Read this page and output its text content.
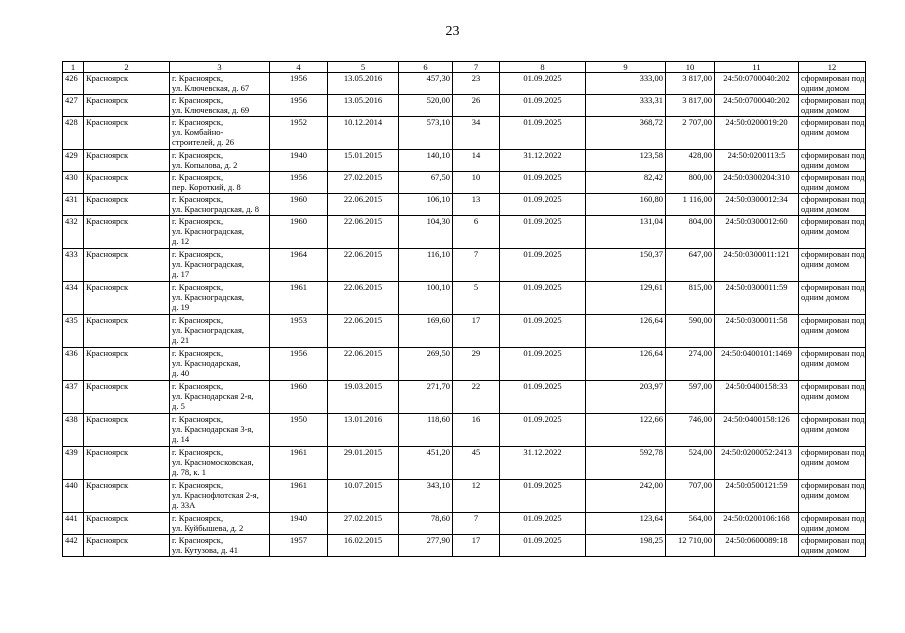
23
1	2	3	4	5	6	7	8	9	10	11	12
426	Красноярск	г. Красноярск,
ул. Ключевская, д. 67	1956	13.05.2016	457,30	23	01.09.2025	333,00	3 817,00	24:50:0700040:202	сформирован под
одним домом

427	Красноярск	г. Красноярск,
ул. Ключевская, д. 69	1956	13.05.2016	520,00	26	01.09.2025	333,31	3 817,00	24:50:0700040:202	сформирован под
одним домом

428	Красноярск	г. Красноярск,
ул. Комбайно-
строителей, д. 26	1952	10.12.2014	573,10	34	01.09.2025	368,72	2 707,00	24:50:0200019:20	сформирован под
одним домом

429	Красноярск	г. Красноярск,
ул. Копылова, д. 2	1940	15.01.2015	140,10	14	31.12.2022	123,58	428,00	24:50:0200113:5	сформирован под
одним домом

430	Красноярск	г. Красноярск,
пер. Короткий, д. 8	1956	27.02.2015	67,50	10	01.09.2025	82,42	800,00	24:50:0300204:310	сформирован под
одним домом

431	Красноярск	г. Красноярск,
ул. Красноградская, д. 8	1960	22.06.2015	106,10	13	01.09.2025	160,80	1 116,00	24:50:0300012:34	сформирован под
одним домом

432	Красноярск	г. Красноярск,
ул. Красноградская,
д. 12	1960	22.06.2015	104,30	6	01.09.2025	131,04	804,00	24:50:0300012:60	сформирован под
одним домом

433	Красноярск	г. Красноярск,
ул. Красноградская,
д. 17	1964	22.06.2015	116,10	7	01.09.2025	150,37	647,00	24:50:0300011:121	сформирован под
одним домом

434	Красноярск	г. Красноярск,
ул. Красноградская,
д. 19	1961	22.06.2015	100,10	5	01.09.2025	129,61	815,00	24:50:0300011:59	сформирован под
одним домом

435	Красноярск	г. Красноярск,
ул. Красноградская,
д. 21	1953	22.06.2015	169,60	17	01.09.2025	126,64	590,00	24:50:0300011:58	сформирован под
одним домом

436	Красноярск	г. Красноярск,
ул. Краснодарская,
д. 40	1956	22.06.2015	269,50	29	01.09.2025	126,64	274,00	24:50:0400101:1469	сформирован под
одним домом

437	Красноярск	г. Красноярск,
ул. Краснодарская 2-я,
д. 5	1960	19.03.2015	271,70	22	01.09.2025	203,97	597,00	24:50:0400158:33	сформирован под
одним домом

438	Красноярск	г. Красноярск,
ул. Краснодарская 3-я,
д. 14	1950	13.01.2016	118,60	16	01.09.2025	122,66	746,00	24:50:0400158:126	сформирован под
одним домом

439	Красноярск	г. Красноярск,
ул. Красномосковская,
д. 78, к. 1	1961	29.01.2015	451,20	45	31.12.2022	592,78	524,00	24:50:0200052:2413	сформирован под
одним домом

440	Красноярск	г. Красноярск,
ул. Краснофлотская 2-я,
д. 33А	1961	10.07.2015	343,10	12	01.09.2025	242,00	707,00	24:50:0500121:59	сформирован под
одним домом

441	Красноярск	г. Красноярск,
ул. Куйбышева, д. 2	1940	27.02.2015	78,60	7	01.09.2025	123,64	564,00	24:50:0200106:168	сформирован под
одним домом

442	Красноярск	г. Красноярск,
ул. Кутузова, д. 41	1957	16.02.2015	277,90	17	01.09.2025	198,25	12 710,00	24:50:0600089:18	сформирован под
одним домом
